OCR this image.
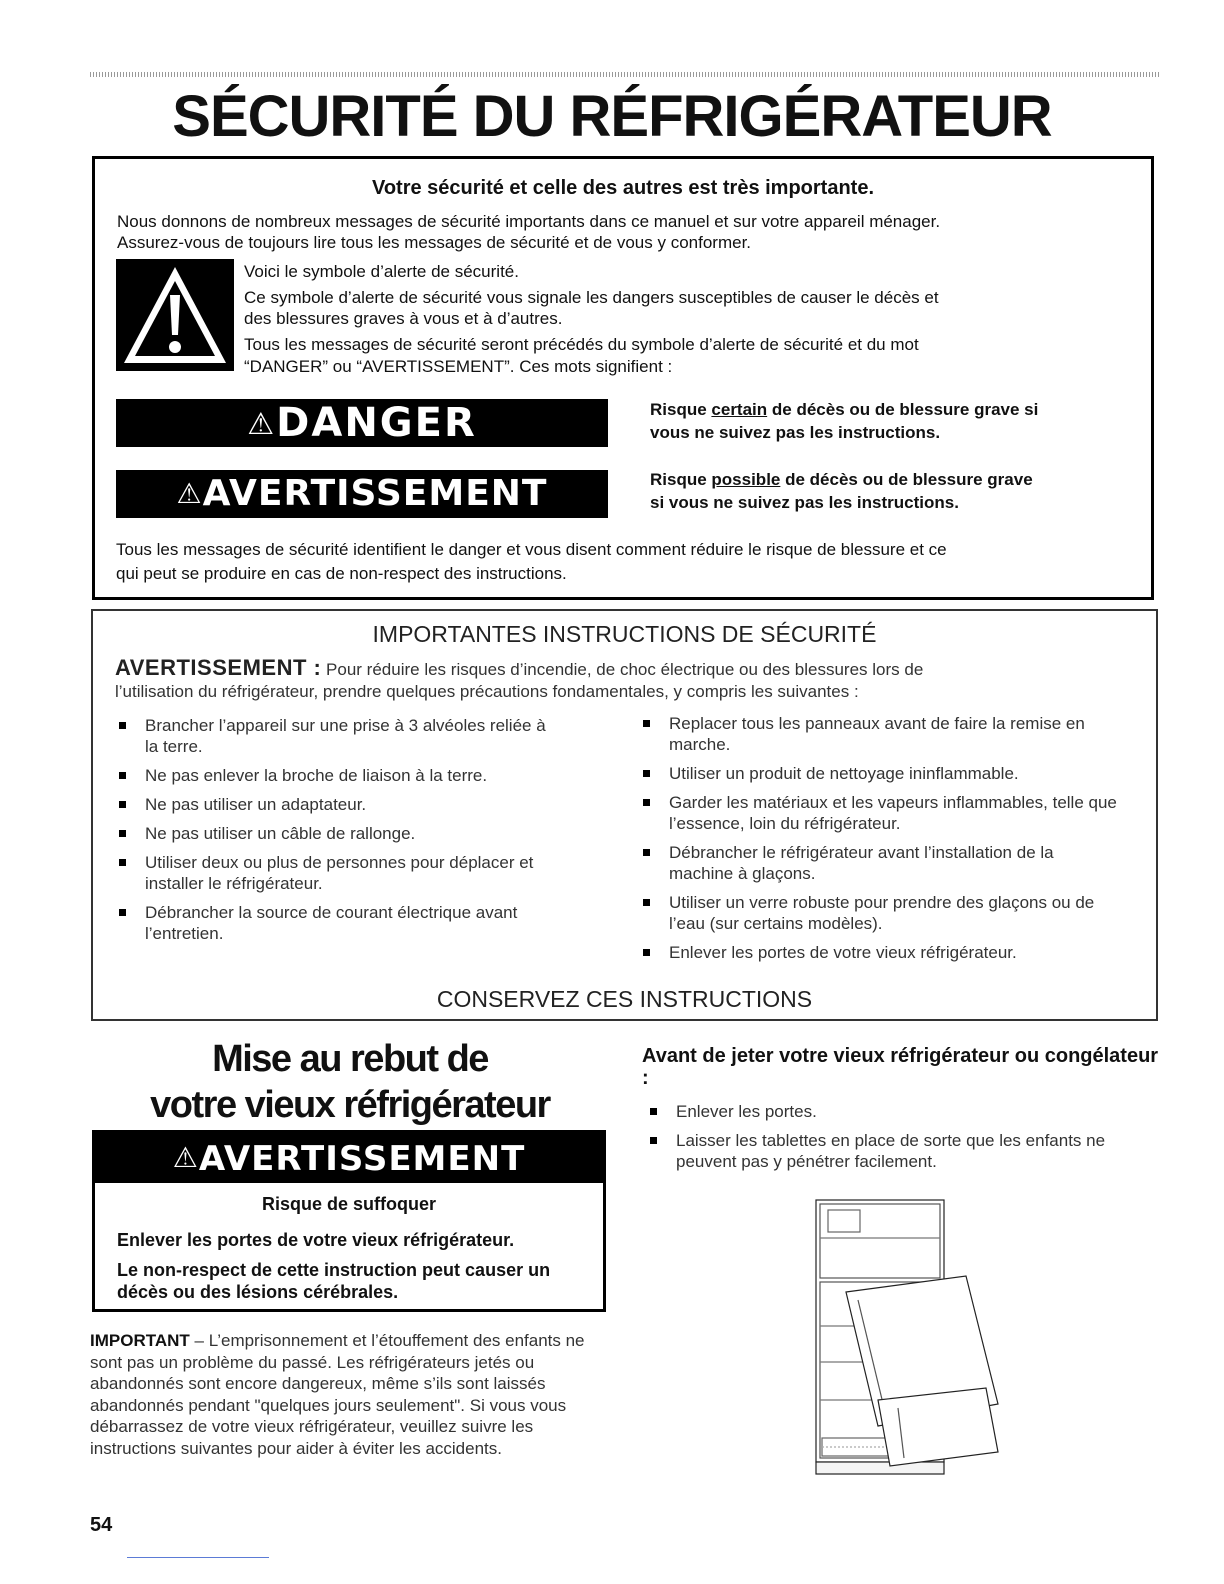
SÉCURITÉ DU RÉFRIGÉRATEUR
Votre sécurité et celle des autres est très importante.

Nous donnons de nombreux messages de sécurité importants dans ce manuel et sur votre appareil ménager.

Assurez-vous de toujours lire tous les messages de sécurité et de vous y conformer.

Voici le symbole d’alerte de sécurité.

Ce symbole d’alerte de sécurité vous signale les dangers susceptibles de causer le décès et

des blessures graves à vous et à d’autres.

Tous les messages de sécurité seront précédés du symbole d’alerte de sécurité et du mot

“DANGER” ou “AVERTISSEMENT”. Ces mots signifient :

⚠DANGER	Risque certain de décès ou de blessure grave si
vous ne suivez pas les instructions.
⚠AVERTISSEMENT	Risque possible de décès ou de blessure grave
si vous ne suivez pas les instructions.

Tous les messages de sécurité identifient le danger et vous disent comment réduire le risque de blessure et ce

qui peut se produire en cas de non-respect des instructions.

IMPORTANTES INSTRUCTIONS DE SÉCURITÉ

AVERTISSEMENT : Pour réduire les risques d’incendie, de choc électrique ou des blessures lors de

l’utilisation du réfrigérateur, prendre quelques précautions fondamentales, y compris les suivantes :

Brancher l’appareil sur une prise à 3 alvéoles reliée à la terre.
Ne pas enlever la broche de liaison à la terre.
Ne pas utiliser un adaptateur.
Ne pas utiliser un câble de rallonge.
Utiliser deux ou plus de personnes pour déplacer et installer le réfrigérateur.
Débrancher la source de courant électrique avant l’entretien.
Replacer tous les panneaux avant de faire la remise en marche.
Utiliser un produit de nettoyage ininflammable.
Garder les matériaux et les vapeurs inflammables, telle que l’essence, loin du réfrigérateur.
Débrancher le réfrigérateur avant l’installation de la machine à glaçons.
Utiliser un verre robuste pour prendre des glaçons ou de l’eau (sur certains modèles).
Enlever les portes de votre vieux réfrigérateur.

CONSERVEZ CES INSTRUCTIONS

Mise au rebut de
votre vieux réfrigérateur
⚠AVERTISSEMENT
Risque de suffoquer
Enlever les portes de votre vieux réfrigérateur.
Le non-respect de cette instruction peut causer un décès ou des lésions cérébrales.

IMPORTANT – L’emprisonnement et l’étouffement des enfants ne sont pas un problème du passé. Les réfrigérateurs jetés ou abandonnés sont encore dangereux, même s’ils sont laissés abandonnés pendant "quelques jours seulement". Si vous vous débarrassez de votre vieux réfrigérateur, veuillez suivre les instructions suivantes pour aider à éviter les accidents.

Avant de jeter votre vieux réfrigérateur ou congélateur :
Enlever les portes.
Laisser les tablettes en place de sorte que les enfants ne peuvent pas y pénétrer facilement.
54
